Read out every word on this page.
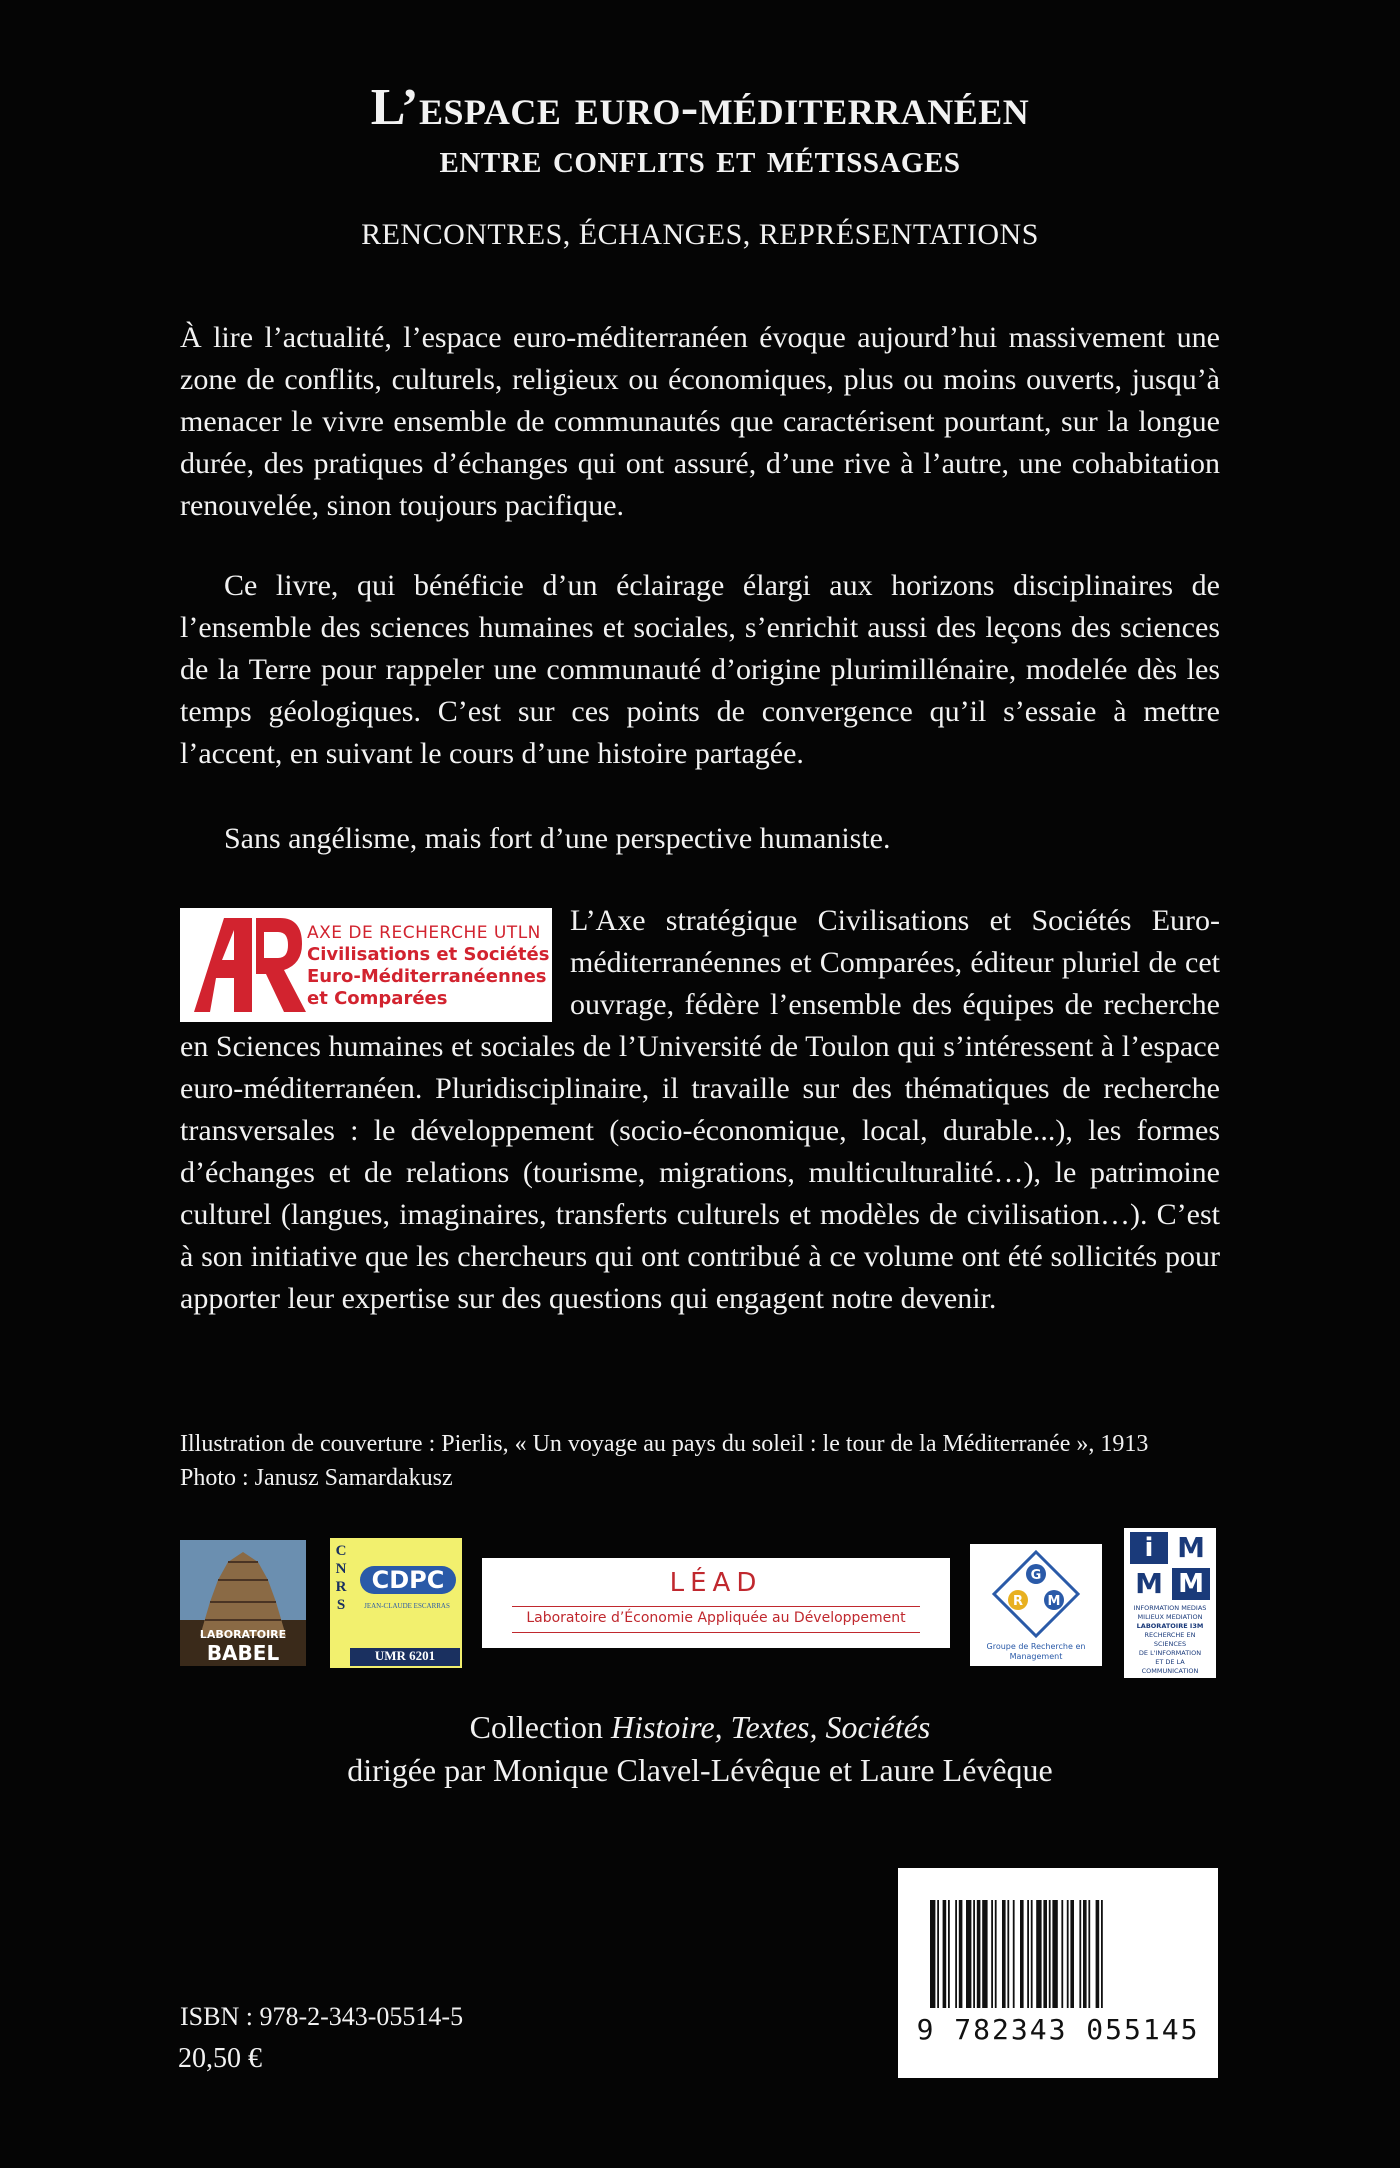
L’espace euro-méditerranéen
entre conflits et métissages
RENCONTRES, ÉCHANGES, REPRÉSENTATIONS
À lire l’actualité, l’espace euro-méditerranéen évoque aujourd’hui massivement une zone de conflits, culturels, religieux ou économiques, plus ou moins ouverts, jusqu’à menacer le vivre ensemble de communautés que caractérisent pourtant, sur la longue durée, des pratiques d’échanges qui ont assuré, d’une rive à l’autre, une cohabitation renouvelée, sinon toujours pacifique.
Ce livre, qui bénéficie d’un éclairage élargi aux horizons disciplinaires de l’ensemble des sciences humaines et sociales, s’enrichit aussi des leçons des sciences de la Terre pour rappeler une communauté d’origine plurimillénaire, modelée dès les temps géologiques. C’est sur ces points de convergence qu’il s’essaie à mettre l’accent, en suivant le cours d’une histoire partagée.
Sans angélisme, mais fort d’une perspective humaniste.
AXE DE RECHERCHE UTLN
Civilisations et Sociétés
Euro-Méditerranéennes
et Comparées
L’Axe stratégique Civilisations et Sociétés Euro-méditerranéennes et Comparées, éditeur pluriel de cet ouvrage, fédère l’ensemble des équipes de recherche en Sciences humaines et sociales de l’Université de Toulon qui s’intéressent à l’espace euro-méditerranéen. Pluridisciplinaire, il travaille sur des thématiques de recherche transversales : le développement (socio-économique, local, durable...), les formes d’échanges et de relations (tourisme, migrations, multiculturalité…), le patrimoine culturel (langues, imaginaires, transferts culturels et modèles de civilisation…). C’est à son initiative que les chercheurs qui ont contribué à ce volume ont été sollicités pour apporter leur expertise sur des questions qui engagent notre devenir.
Illustration de couverture : Pierlis, « Un voyage au pays du soleil : le tour de la Méditerranée », 1913
Photo : Janusz Samardakusz
LABORATOIRE
BABEL
CNRS
CDPC
JEAN-CLAUDE ESCARRAS
UMR 6201
LÉAD
Laboratoire d’Économie Appliquée au Développement
G
R M
Groupe de Recherche en Management
i M
M M
INFORMATION MEDIAS
MILIEUX MEDIATION
LABORATOIRE I3M
RECHERCHE EN SCIENCES
DE L'INFORMATION
ET DE LA COMMUNICATION
Collection Histoire, Textes, Sociétés
dirigée par Monique Clavel-Lévêque et Laure Lévêque
9 782343 055145
ISBN : 978-2-343-05514-5
20,50 €
